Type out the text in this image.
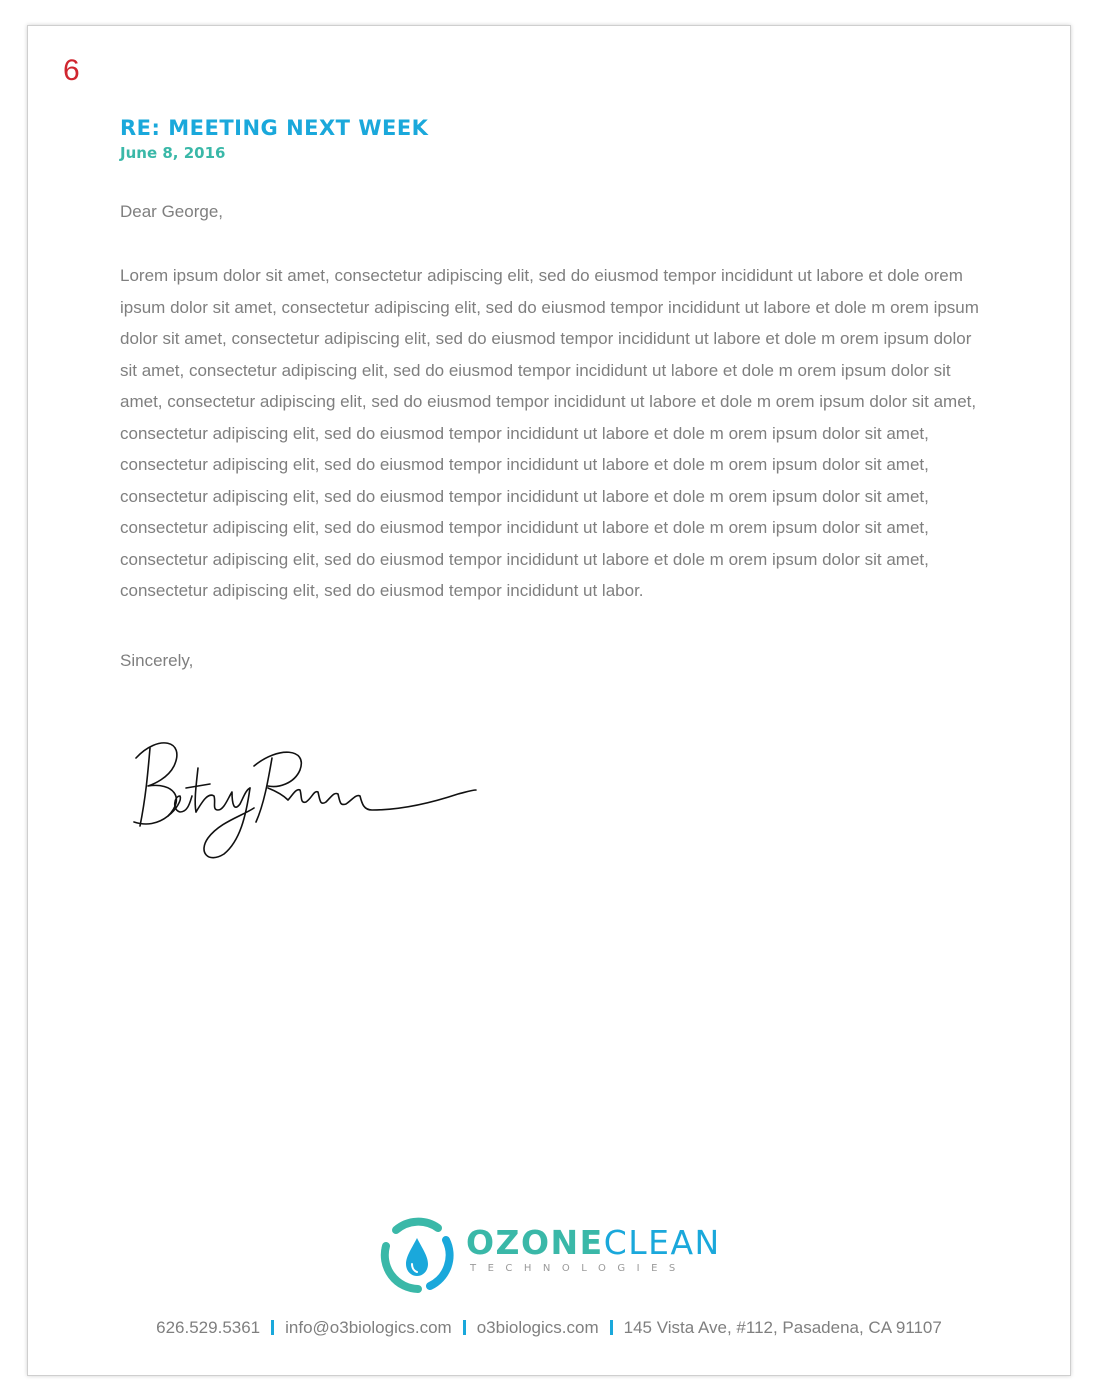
6
RE: MEETING NEXT WEEK
June 8, 2016
Dear George,
Lorem ipsum dolor sit amet, consectetur adipiscing elit, sed do eiusmod tempor incididunt ut labore et dole orem ipsum dolor sit amet, consectetur adipiscing elit, sed do eiusmod tempor incididunt ut labore et dole m orem ipsum dolor sit amet, consectetur adipiscing elit, sed do eiusmod tempor incididunt ut labore et dole m orem ipsum dolor sit amet, consectetur adipiscing elit, sed do eiusmod tempor incididunt ut labore et dole m orem ipsum dolor sit amet, consectetur adipiscing elit, sed do eiusmod tempor incididunt ut labore et dole m orem ipsum dolor sit amet, consectetur adipiscing elit, sed do eiusmod tempor incididunt ut labore et dole m orem ipsum dolor sit amet, consectetur adipiscing elit, sed do eiusmod tempor incididunt ut labore et dole m orem ipsum dolor sit amet, consectetur adipiscing elit, sed do eiusmod tempor incididunt ut labore et dole m orem ipsum dolor sit amet, consectetur adipiscing elit, sed do eiusmod tempor incididunt ut labore et dole m orem ipsum dolor sit amet, consectetur adipiscing elit, sed do eiusmod tempor incididunt ut labore et dole m orem ipsum dolor sit amet, consectetur adipiscing elit, sed do eiusmod tempor incididunt ut labor.
Sincerely,
OZONECLEAN
TECHNOLOGIES
626.529.5361 info@o3biologics.com o3biologics.com 145 Vista Ave, #112, Pasadena, CA 91107
